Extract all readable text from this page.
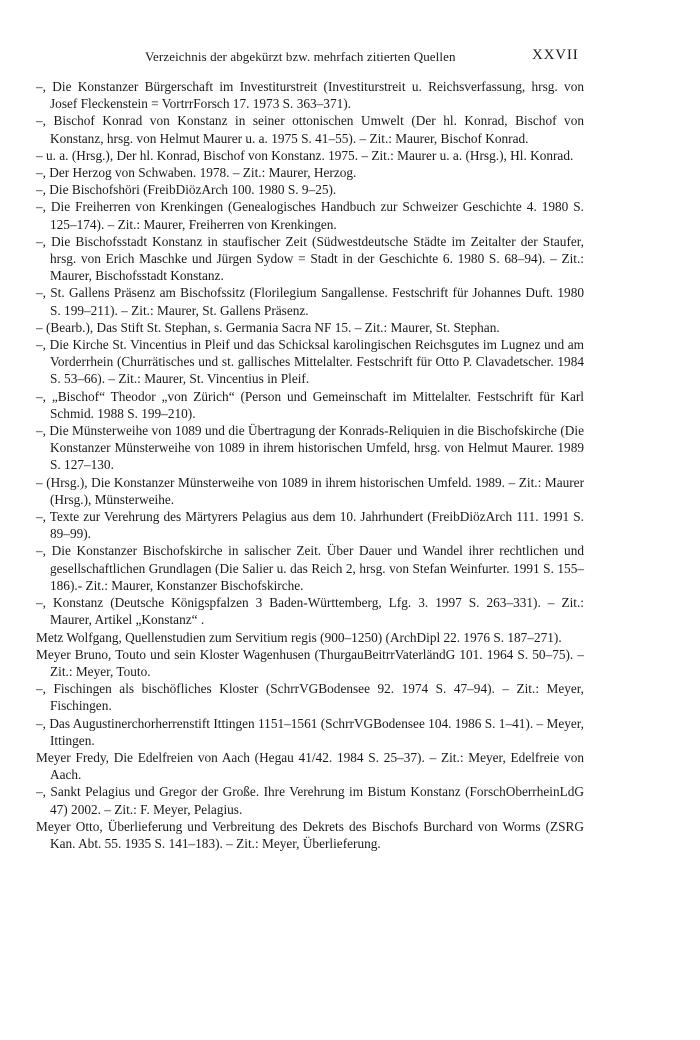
Verzeichnis der abgekürzt bzw. mehrfach zitierten Quellen	XXVII
–, Die Konstanzer Bürgerschaft im Investiturstreit (Investiturstreit u. Reichsverfassung, hrsg. von Josef Fleckenstein = VortrrForsch 17. 1973 S. 363–371).
–, Bischof Konrad von Konstanz in seiner ottonischen Umwelt (Der hl. Konrad, Bischof von Konstanz, hrsg. von Helmut Maurer u. a. 1975 S. 41–55). – Zit.: Maurer, Bischof Konrad.
– u. a. (Hrsg.), Der hl. Konrad, Bischof von Konstanz. 1975. – Zit.: Maurer u. a. (Hrsg.), Hl. Konrad.
–, Der Herzog von Schwaben. 1978. – Zit.: Maurer, Herzog.
–, Die Bischofshöri (FreibDiözArch 100. 1980 S. 9–25).
–, Die Freiherren von Krenkingen (Genealogisches Handbuch zur Schweizer Geschichte 4. 1980 S. 125–174). – Zit.: Maurer, Freiherren von Krenkingen.
–, Die Bischofsstadt Konstanz in staufischer Zeit (Südwestdeutsche Städte im Zeitalter der Staufer, hrsg. von Erich Maschke und Jürgen Sydow = Stadt in der Geschichte 6. 1980 S. 68–94). – Zit.: Maurer, Bischofsstadt Konstanz.
–, St. Gallens Präsenz am Bischofssitz (Florilegium Sangallense. Festschrift für Johannes Duft. 1980 S. 199–211). – Zit.: Maurer, St. Gallens Präsenz.
– (Bearb.), Das Stift St. Stephan, s. Germania Sacra NF 15. – Zit.: Maurer, St. Stephan.
–, Die Kirche St. Vincentius in Pleif und das Schicksal karolingischen Reichsgutes im Lugnez und am Vorderrhein (Churrätisches und st. gallisches Mittelalter. Festschrift für Otto P. Clavadetscher. 1984 S. 53–66). – Zit.: Maurer, St. Vincentius in Pleif.
–, „Bischof“ Theodor „von Zürich“ (Person und Gemeinschaft im Mittelalter. Festschrift für Karl Schmid. 1988 S. 199–210).
–, Die Münsterweihe von 1089 und die Übertragung der Konrads-Reliquien in die Bischofskirche (Die Konstanzer Münsterweihe von 1089 in ihrem historischen Umfeld, hrsg. von Helmut Maurer. 1989 S. 127–130.
– (Hrsg.), Die Konstanzer Münsterweihe von 1089 in ihrem historischen Umfeld. 1989. – Zit.: Maurer (Hrsg.), Münsterweihe.
–, Texte zur Verehrung des Märtyrers Pelagius aus dem 10. Jahrhundert (FreibDiözArch 111. 1991 S. 89–99).
–, Die Konstanzer Bischofskirche in salischer Zeit. Über Dauer und Wandel ihrer rechtlichen und gesellschaftlichen Grundlagen (Die Salier u. das Reich 2, hrsg. von Stefan Weinfurter. 1991 S. 155–186).- Zit.: Maurer, Konstanzer Bischofskirche.
–, Konstanz (Deutsche Königspfalzen 3 Baden-Württemberg, Lfg. 3. 1997 S. 263–331). – Zit.: Maurer, Artikel „Konstanz“ .
Metz Wolfgang, Quellenstudien zum Servitium regis (900–1250) (ArchDipl 22. 1976 S. 187–271).
Meyer Bruno, Touto und sein Kloster Wagenhusen (ThurgauBeitrrVaterländG 101. 1964 S. 50–75). – Zit.: Meyer, Touto.
–, Fischingen als bischöfliches Kloster (SchrrVGBodensee 92. 1974 S. 47–94). – Zit.: Meyer, Fischingen.
–, Das Augustinerchorherrenstift Ittingen 1151–1561 (SchrrVGBodensee 104. 1986 S. 1–41). – Meyer, Ittingen.
Meyer Fredy, Die Edelfreien von Aach (Hegau 41/42. 1984 S. 25–37). – Zit.: Meyer, Edelfreie von Aach.
–, Sankt Pelagius und Gregor der Große. Ihre Verehrung im Bistum Konstanz (ForschOberrheinLdG 47) 2002. – Zit.: F. Meyer, Pelagius.
Meyer Otto, Überlieferung und Verbreitung des Dekrets des Bischofs Burchard von Worms (ZSRG Kan. Abt. 55. 1935 S. 141–183). – Zit.: Meyer, Überlieferung.
